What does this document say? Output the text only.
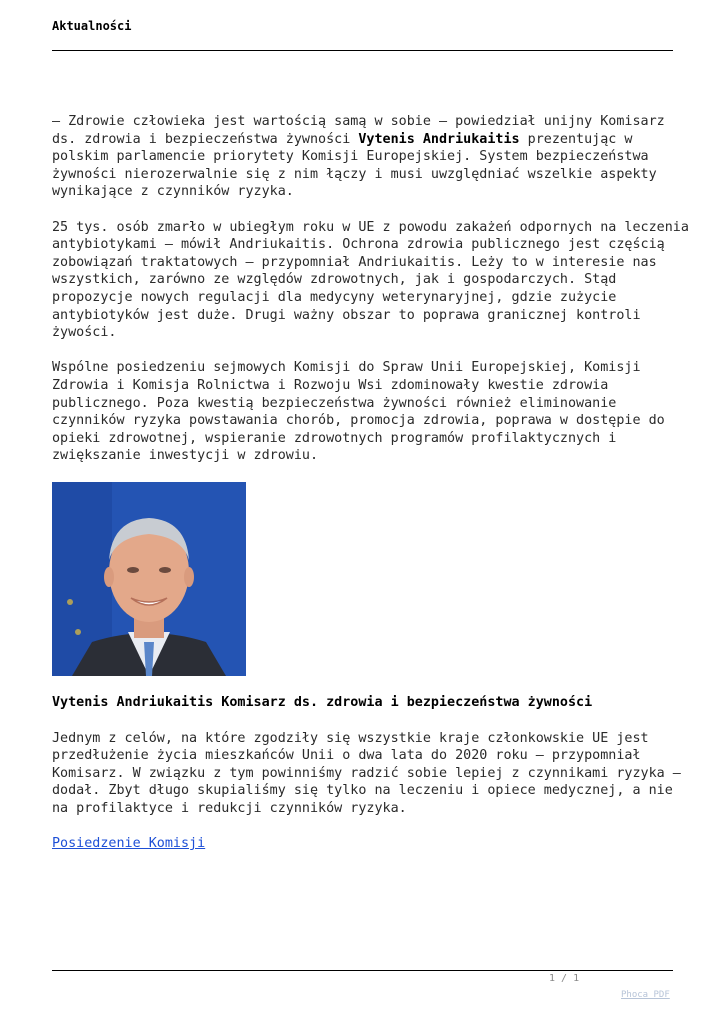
Aktualności

– Zdrowie człowieka jest wartością samą w sobie – powiedział unijny Komisarz ds. zdrowia i bezpieczeństwa żywności Vytenis Andriukaitis prezentując w polskim parlamencie priorytety Komisji Europejskiej. System bezpieczeństwa żywności nierozerwalnie się z nim łączy i musi uwzględniać wszelkie aspekty wynikające z czynników ryzyka.

25 tys. osób zmarło w ubiegłym roku w UE z powodu zakażeń odpornych na leczenia antybiotykami – mówił Andriukaitis. Ochrona zdrowia publicznego jest częścią zobowiązań traktatowych – przypomniał Andriukaitis. Leży to w interesie nas wszystkich, zarówno ze względów zdrowotnych, jak i gospodarczych. Stąd propozycje nowych regulacji dla medycyny weterynaryjnej, gdzie zużycie antybiotyków jest duże. Drugi ważny obszar to poprawa granicznej kontroli żywości.

Wspólne posiedzeniu sejmowych Komisji do Spraw Unii Europejskiej, Komisji Zdrowia i Komisja Rolnictwa i Rozwoju Wsi zdominowały kwestie zdrowia publicznego. Poza kwestią bezpieczeństwa żywności również eliminowanie czynników ryzyka powstawania chorób, promocja zdrowia, poprawa w dostępie do opieki zdrowotnej, wspieranie zdrowotnych programów profilaktycznych i zwiększanie inwestycji w zdrowiu.

Vytenis Andriukaitis Komisarz ds. zdrowia i bezpieczeństwa żywności

Jednym z celów, na które zgodziły się wszystkie kraje członkowskie UE jest przedłużenie życia mieszkańców Unii o dwa lata do 2020 roku – przypomniał Komisarz. W związku z tym powinniśmy radzić sobie lepiej z czynnikami ryzyka – dodał. Zbyt długo skupialiśmy się tylko na leczeniu i opiece medycznej, a nie na profilaktyce i redukcji czynników ryzyka.

Posiedzenie Komisji

1 / 1
Phoca PDF
